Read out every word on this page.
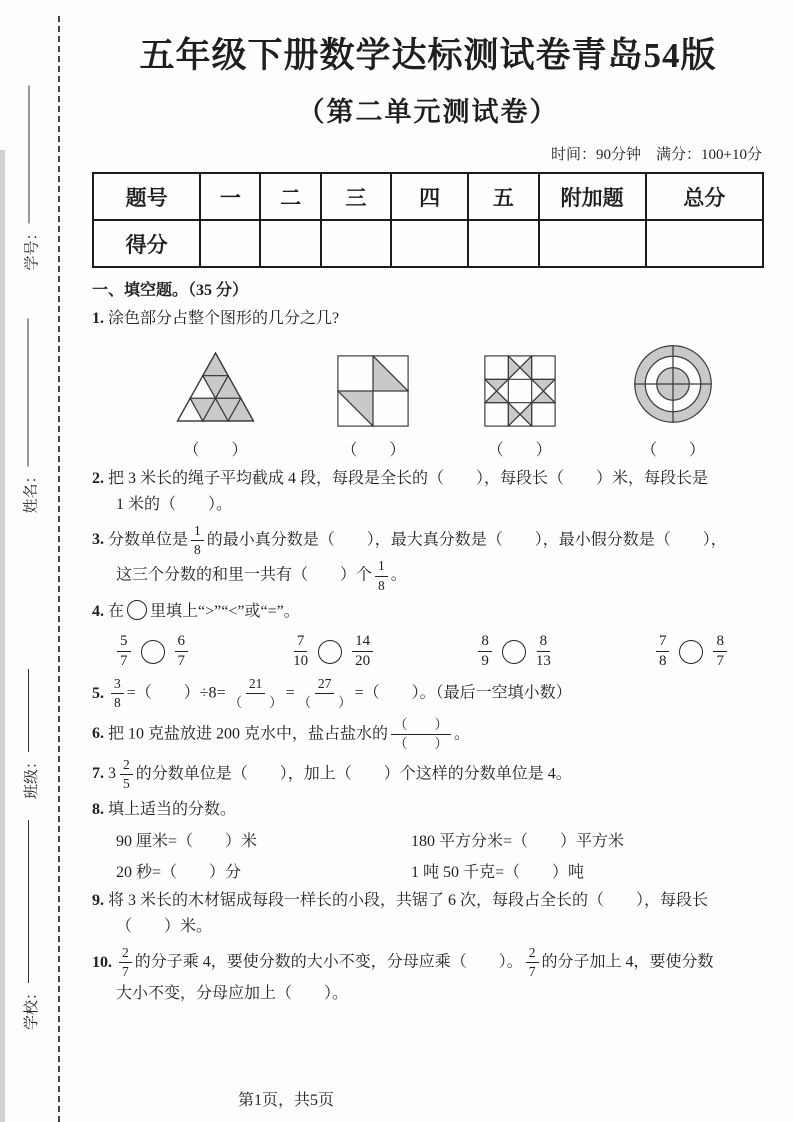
学号：
姓名：
班级：
学校：
五年级下册数学达标测试卷青岛54版
（第二单元测试卷）
时间：90分钟　满分：100+10分
题号	一	二	三	四	五	附加题	总分
得分							
一、填空题。（35 分）
1. 涂色部分占整个图形的几分之几?
（　　）	（　　）	（　　）	（　　）
2. 把 3 米长的绳子平均截成 4 段，每段是全长的（　　），每段长（　　）米，每段长是
1 米的（　　）。
3. 分数单位是 $\frac{1}{8}$ 的最小真分数是（　　），最大真分数是（　　），最小假分数是（　　），
这三个分数的和里一共有（　　）个 $\frac{1}{8}$ 。
4. 在 里填上“>”“<”或“=”。
$\frac{5}{7}$	$\frac{6}{7}$	$\frac{7}{10}$	$\frac{14}{20}$	$\frac{8}{9}$	$\frac{8}{13}$	$\frac{7}{8}$	$\frac{8}{7}$
5. $\frac{3}{8}$ =（　　）$\div 8= \frac{21}{( )} = \frac{27}{( )}$ =（　　）。（最后一空填小数）
6. 把 10 克盐放进 200 克水中，盐占盐水的 $\frac{( )}{( )}$ 。
7. $3 \frac{2}{5}$ 的分数单位是（　　），加上（　　）个这样的分数单位是 4。
8. 填上适当的分数。
90 厘米=（　　）米	180 平方分米=（　　）平方米
20 秒=（　　）分	1 吨 50 千克=（　　）吨
9. 将 3 米长的木材锯成每段一样长的小段，共锯了 6 次，每段占全长的（　　），每段长
（　　）米。
10. $\frac{2}{7}$ 的分子乘 4，要使分数的大小不变，分母应乘（　　）。 $\frac{2}{7}$ 的分子加上 4，要使分数
大小不变，分母应加上（　　）。
第1页，共5页
